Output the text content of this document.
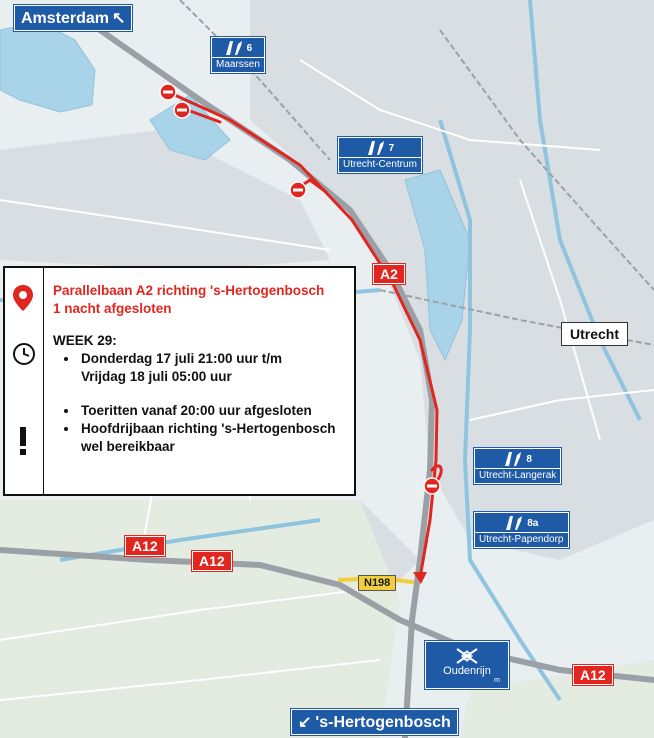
Amsterdam ↖
↙ 's-Hertogenbosch
6
Maarssen
7
Utrecht-Centrum
8
Utrecht-Langerak
8a
Utrecht-Papendorp
Oudenrijn
m
A2
A12
A12
A12
N198
Utrecht
Parallelbaan A2 richting 's-Hertogenbosch
1 nacht afgesloten
WEEK 29:
• Donderdag 17 juli 21:00 uur t/m
Vrijdag 18 juli 05:00 uur
• Toeritten vanaf 20:00 uur afgesloten
• Hoofdrijbaan richting 's-Hertogenbosch
wel bereikbaar
